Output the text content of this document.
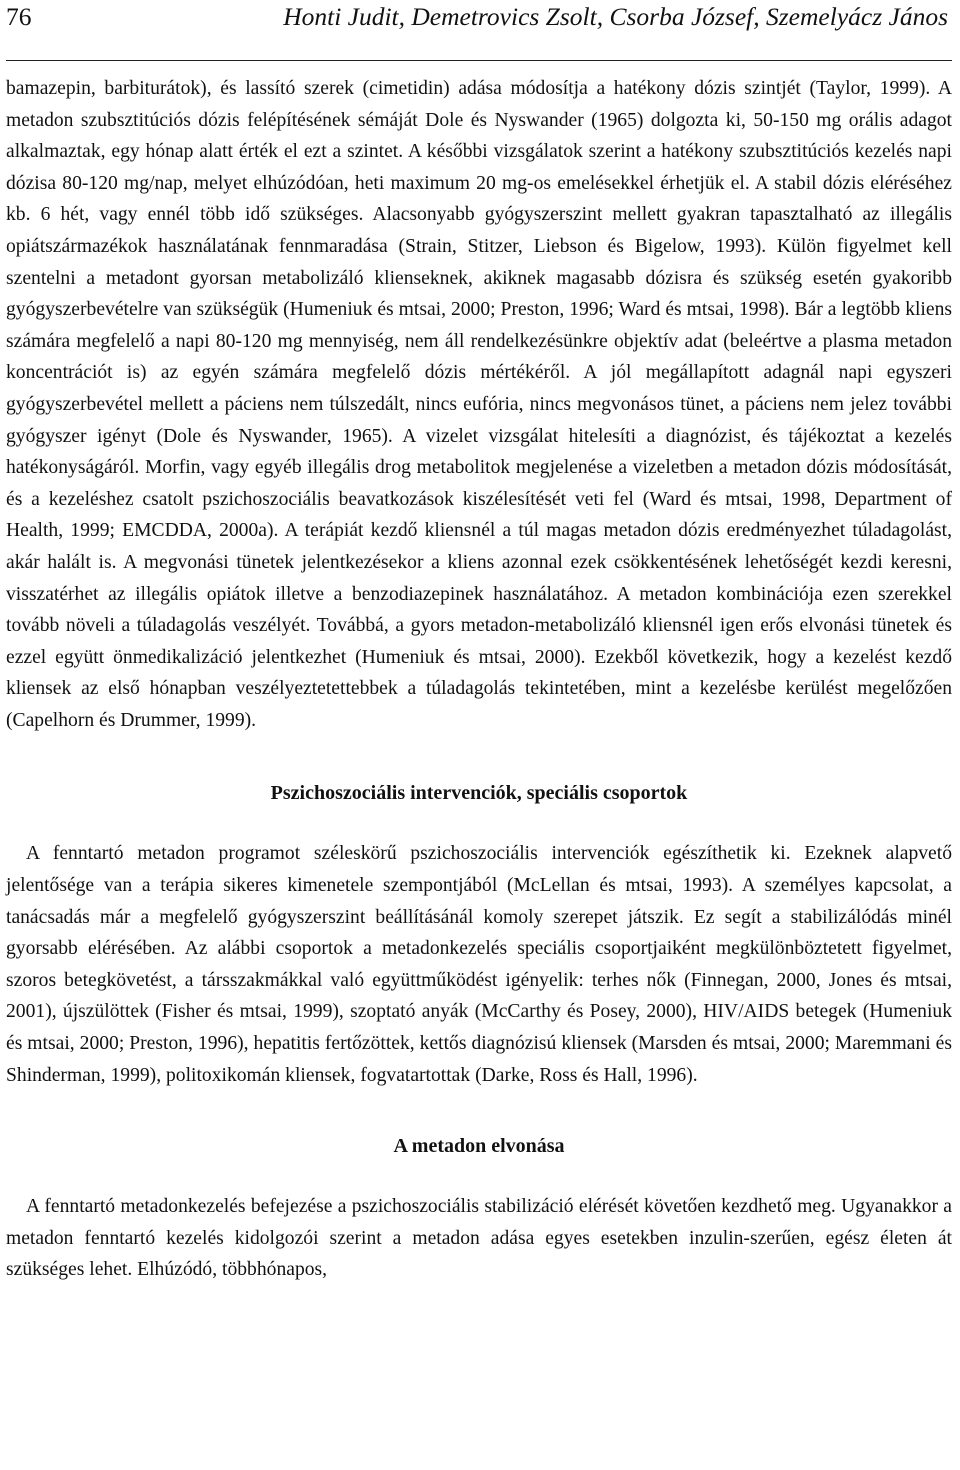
76	Honti Judit, Demetrovics Zsolt, Csorba József, Szemelyácz János

bamazepin, barbiturátok), és lassító szerek (cimetidin) adása módosítja a hatékony dózis szintjét (Taylor, 1999). A metadon szubsztitúciós dózis felépítésének sémáját Dole és Nyswander (1965) dolgozta ki, 50-150 mg orális adagot alkalmaztak, egy hónap alatt érték el ezt a szintet. A későbbi vizsgálatok szerint a hatékony szubsztitúciós kezelés napi dózisa 80-120 mg/nap, melyet elhúzódóan, heti maximum 20 mg-os emelésekkel érhetjük el. A stabil dózis eléréséhez kb. 6 hét, vagy ennél több idő szükséges. Alacsonyabb gyógyszerszint mellett gyakran tapasztalható az illegális opiátszármazékok használatának fennmaradása (Strain, Stitzer, Liebson és Bigelow, 1993). Külön figyelmet kell szentelni a metadont gyorsan metabolizáló klienseknek, akiknek magasabb dózisra és szükség esetén gyakoribb gyógyszerbevételre van szükségük (Humeniuk és mtsai, 2000; Preston, 1996; Ward és mtsai, 1998). Bár a legtöbb kliens számára megfelelő a napi 80-120 mg mennyiség, nem áll rendelkezésünkre objektív adat (beleértve a plasma metadon koncentrációt is) az egyén számára megfelelő dózis mértékéről. A jól megállapított adagnál napi egyszeri gyógyszerbevétel mellett a páciens nem túlszedált, nincs eufória, nincs megvonásos tünet, a páciens nem jelez további gyógyszer igényt (Dole és Nyswander, 1965). A vizelet vizsgálat hitelesíti a diagnózist, és tájékoztat a kezelés hatékonyságáról. Morfin, vagy egyéb illegális drog metabolitok megjelenése a vizeletben a metadon dózis módosítását, és a kezeléshez csatolt pszichoszociális beavatkozások kiszélesítését veti fel (Ward és mtsai, 1998, Department of Health, 1999; EMCDDA, 2000a). A terápiát kezdő kliensnél a túl magas metadon dózis eredményezhet túladagolást, akár halált is. A megvonási tünetek jelentkezésekor a kliens azonnal ezek csökkentésének lehetőségét kezdi keresni, visszatérhet az illegális opiátok illetve a benzodiazepinek használatához. A metadon kombinációja ezen szerekkel tovább növeli a túladagolás veszélyét. Továbbá, a gyors metadon-metabolizáló kliensnél igen erős elvonási tünetek és ezzel együtt önmedikalizáció jelentkezhet (Humeniuk és mtsai, 2000). Ezekből következik, hogy a kezelést kezdő kliensek az első hónapban veszélyeztetettebbek a túladagolás tekintetében, mint a kezelésbe kerülést megelőzően (Capelhorn és Drummer, 1999).

Pszichoszociális intervenciók, speciális csoportok

A fenntartó metadon programot széleskörű pszichoszociális intervenciók egészíthetik ki. Ezeknek alapvető jelentősége van a terápia sikeres kimenetele szempontjából (McLellan és mtsai, 1993). A személyes kapcsolat, a tanácsadás már a megfelelő gyógyszerszint beállításánál komoly szerepet játszik. Ez segít a stabilizálódás minél gyorsabb elérésében. Az alábbi csoportok a metadonkezelés speciális csoportjaiként megkülönböztetett figyelmet, szoros betegkövetést, a társszakmákkal való együttműködést igényelik: terhes nők (Finnegan, 2000, Jones és mtsai, 2001), újszülöttek (Fisher és mtsai, 1999), szoptató anyák (McCarthy és Posey, 2000), HIV/AIDS betegek (Humeniuk és mtsai, 2000; Preston, 1996), hepatitis fertőzöttek, kettős diagnózisú kliensek (Marsden és mtsai, 2000; Maremmani és Shinderman, 1999), politoxikomán kliensek, fogvatartottak (Darke, Ross és Hall, 1996).

A metadon elvonása

A fenntartó metadonkezelés befejezése a pszichoszociális stabilizáció elérését követően kezdhető meg. Ugyanakkor a metadon fenntartó kezelés kidolgozói szerint a metadon adása egyes esetekben inzulin-szerűen, egész életen át szükséges lehet. Elhúzódó, többhónapos,
